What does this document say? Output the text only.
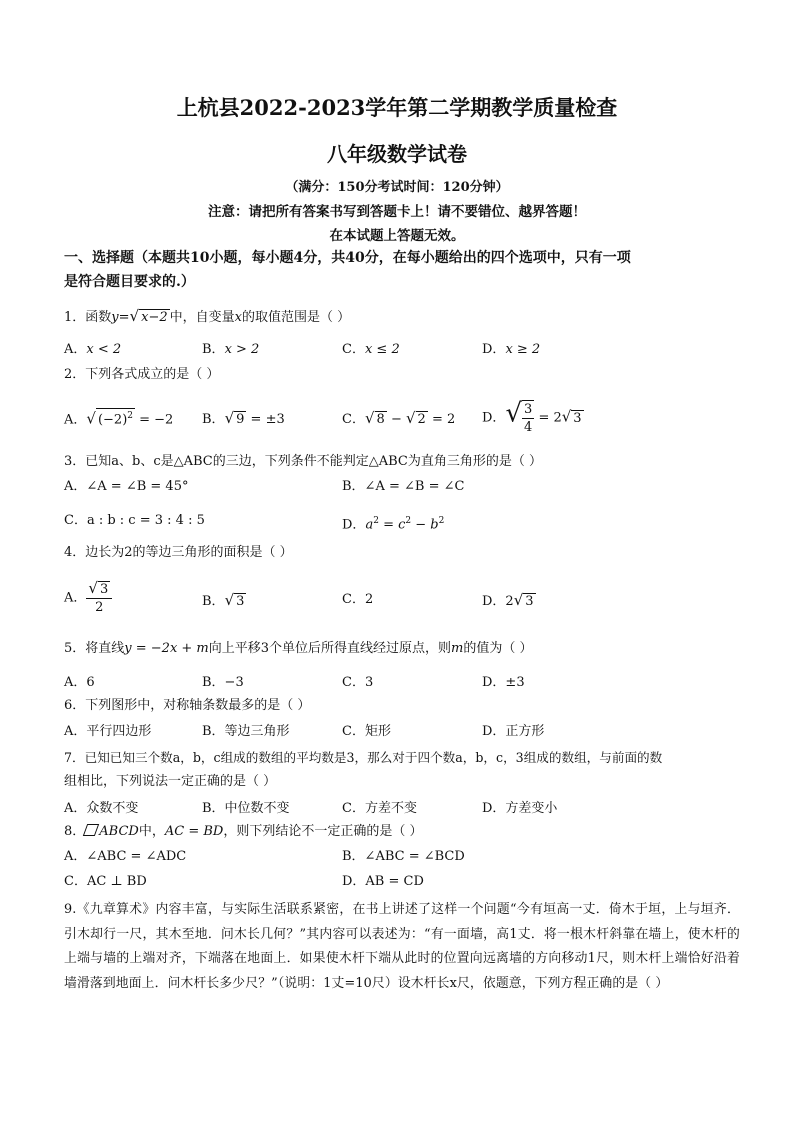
上杭县2022-2023学年第二学期教学质量检查
八年级数学试卷
（满分：150分考试时间：120分钟）
注意：请把所有答案书写到答题卡上！请不要错位、越界答题！
在本试题上答题无效。
一、选择题（本题共10小题，每小题4分，共40分，在每小题给出的四个选项中，只有一项
是符合题目要求的.）
1．函数y=√ x−2 中，自变量x的取值范围是（ ）
A．x < 2	B．x > 2	C．x ≤ 2	D．x ≥ 2
2．下列各式成立的是（ ）
A．√ $(-2)^2 = -2$ B．√ 9 = ±3	C．√ 8 − √ 2 = 2 D．√ $\frac{3}{4} = 2√$ 3
3．已知a、b、c是△ABC的三边，下列条件不能判定△ABC为直角三角形的是（ ）
A．∠A = ∠B = 45°	B．∠A = ∠B = ∠C
C．a : b : c = 3 : 4 : 5	D．$a^2 = c^2 - b^2$
4．边长为2的等边三角形的面积是（ ）
A． $\frac{√ 3}{2}$	B．√ 3	C．2	D．2√ 3
5．将直线y = −2x + m向上平移3个单位后所得直线经过原点，则m的值为（ ）
A．6	B．−3	C．3	D．±3
6．下列图形中，对称轴条数最多的是（ ）
A．平行四边形	B．等边三角形	C．矩形	D．正方形
7．已知已知三个数a，b，c组成的数组的平均数是3，那么对于四个数a，b，c，3组成的数组，与前面的数
组相比，下列说法一定正确的是（ ）
A．众数不变	B．中位数不变	C．方差不变	D．方差变小
8． ABCD中，AC = BD，则下列结论不一定正确的是（ ）
A．∠ABC = ∠ADC	B．∠ABC = ∠BCD
C．AC ⊥ BD	D．AB = CD
9.《九章算术》内容丰富，与实际生活联系紧密，在书上讲述了这样一个问题“今有垣高一丈．倚木于垣，上与垣齐．引木却行一尺，其木至地．问木长几何？”其内容可以表述为：“有一面墙，高1丈．将一根木杆斜靠在墙上，使木杆的上端与墙的上端对齐，下端落在地面上．如果使木杆下端从此时的位置向远离墙的方向移动1尺，则木杆上端恰好沿着墙滑落到地面上．问木杆长多少尺？”（说明：1丈=10尺）设木杆长x尺，依题意，下列方程正确的是（ ）
